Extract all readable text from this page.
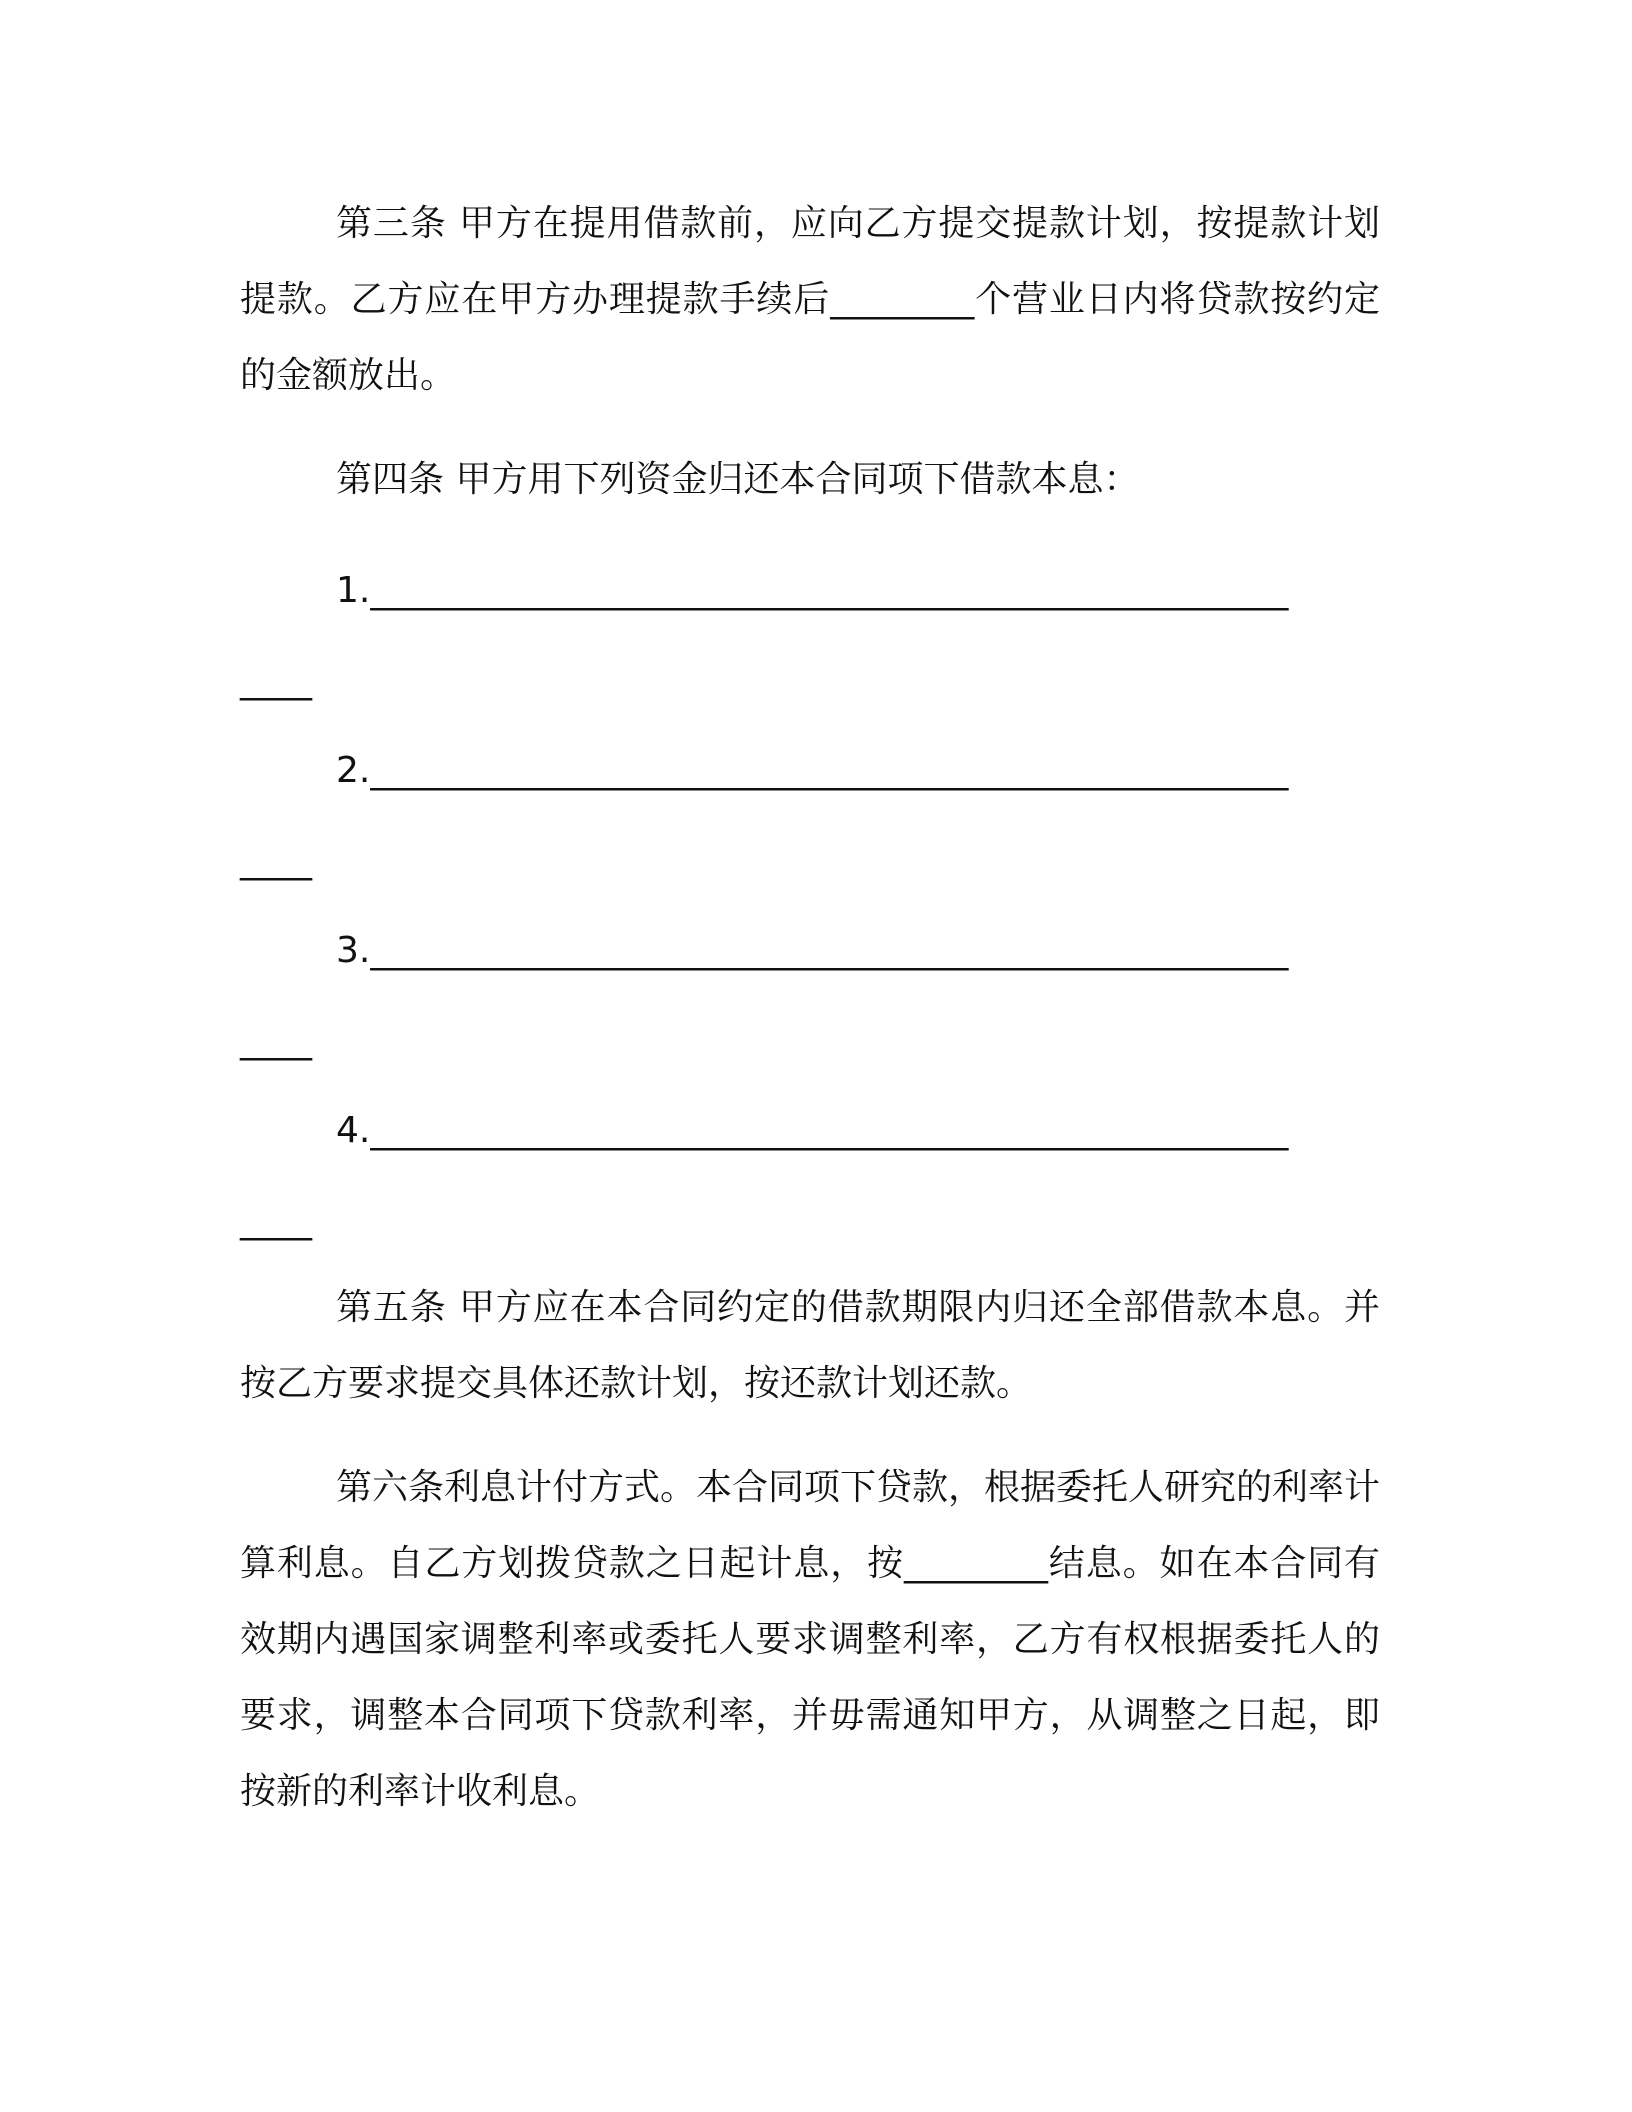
第三条 甲方在提用借款前，应向乙方提交提款计划，按提款计划提款。乙方应在甲方办理提款手续后________个营业日内将贷款按约定的金额放出。

第四条 甲方用下列资金归还本合同项下借款本息：

1.___________________________________________________
____
2.___________________________________________________
____
3.___________________________________________________
____
4.___________________________________________________
____

第五条 甲方应在本合同约定的借款期限内归还全部借款本息。并按乙方要求提交具体还款计划，按还款计划还款。

第六条利息计付方式。本合同项下贷款，根据委托人研究的利率计算利息。自乙方划拨贷款之日起计息，按________结息。如在本合同有效期内遇国家调整利率或委托人要求调整利率，乙方有权根据委托人的要求，调整本合同项下贷款利率，并毋需通知甲方，从调整之日起，即按新的利率计收利息。
